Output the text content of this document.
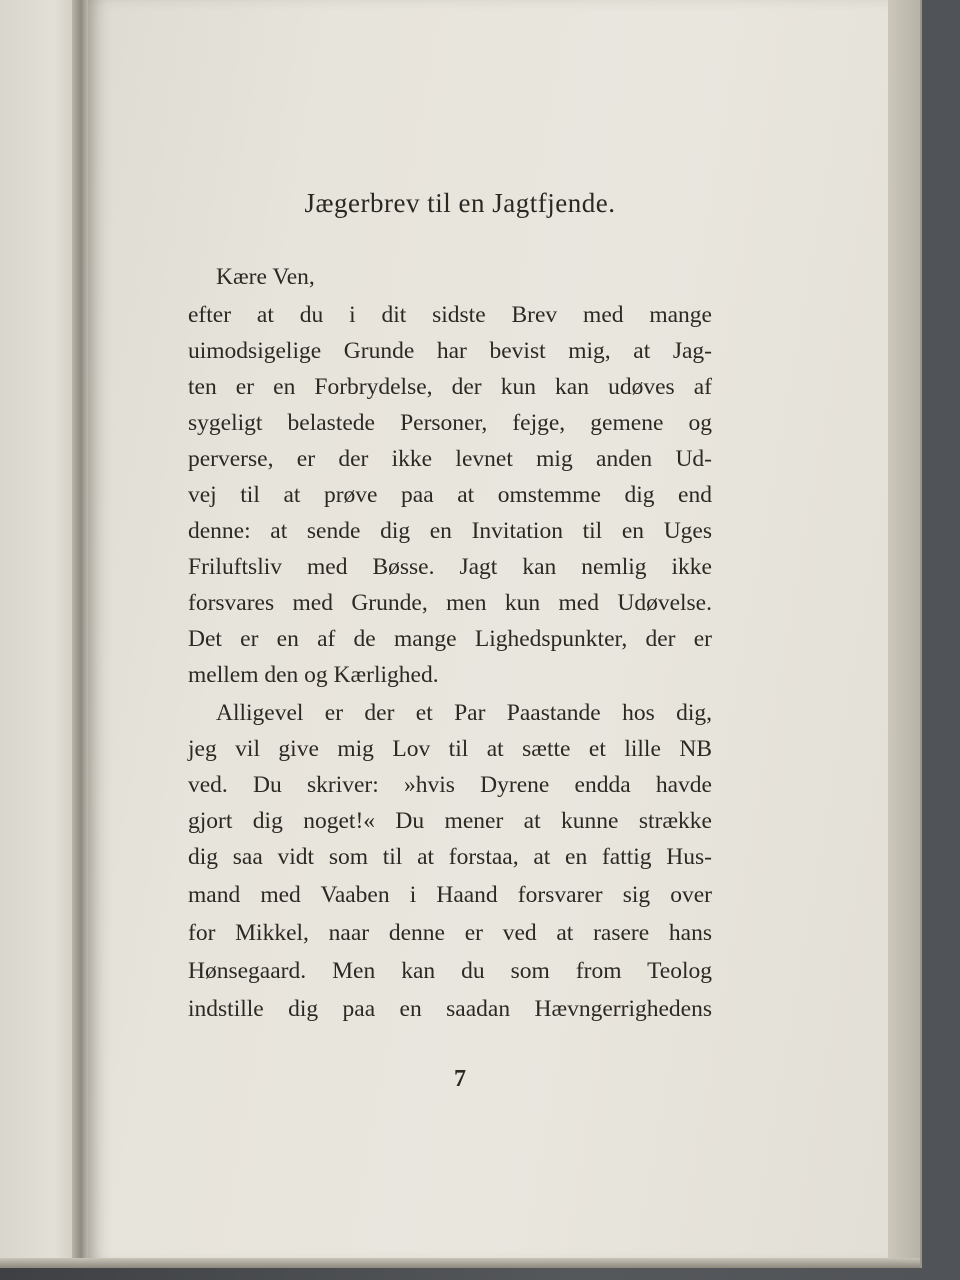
Jægerbrev til en Jagtfjende.
Kære Ven,
efter at du i dit sidste Brev med mange
uimodsigelige Grunde har bevist mig, at Jag-
ten er en Forbrydelse, der kun kan udøves af
sygeligt belastede Personer, fejge, gemene og
perverse, er der ikke levnet mig anden Ud-
vej til at prøve paa at omstemme dig end
denne: at sende dig en Invitation til en Uges
Friluftsliv med Bøsse. Jagt kan nemlig ikke
forsvares med Grunde, men kun med Udøvelse.
Det er en af de mange Lighedspunkter, der er
mellem den og Kærlighed.
Alligevel er der et Par Paastande hos dig,
jeg vil give mig Lov til at sætte et lille NB
ved. Du skriver: »hvis Dyrene endda havde
gjort dig noget!« Du mener at kunne strække
dig saa vidt som til at forstaa, at en fattig Hus-
mand med Vaaben i Haand forsvarer sig over
for Mikkel, naar denne er ved at rasere hans
Hønsegaard. Men kan du som from Teolog
indstille dig paa en saadan Hævngerrighedens
7
